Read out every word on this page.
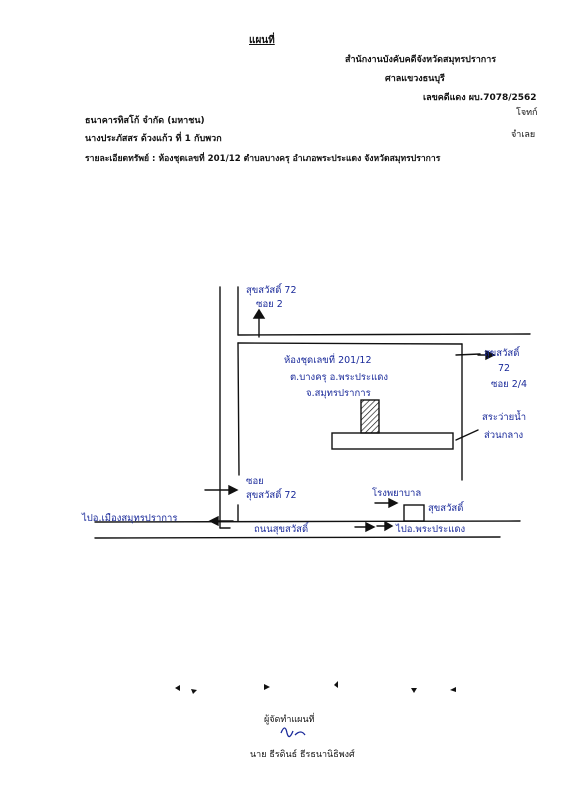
แผนที่
สำนักงานบังคับคดีจังหวัดสมุทรปราการ
ศาลแขวงธนบุรี
เลขคดีแดง ผบ.7078/2562
ธนาคารทิสโก้ จำกัด (มหาชน)
โจทก์
นางประภัสสร ด้วงแก้ว ที่ 1 กับพวก	จำเลย
รายละเอียดทรัพย์ : ห้องชุดเลขที่ 201/12 ตำบลบางครุ อำเภอพระประแดง จังหวัดสมุทรปราการ
สุขสวัสดิ์ 72
ซอย 2
ห้องชุดเลขที่ 201/12
ต.บางครุ อ.พระประแดง
จ.สมุทรปราการ
สุขสวัสดิ์
72
ซอย 2/4
สระว่ายน้ำ
ส่วนกลาง
ซอย
สุขสวัสดิ์ 72	โรงพยาบาล
สุขสวัสดิ์
ไปอ.เมืองสมุทรปราการ
ถนนสุขสวัสดิ์	ไปอ.พระประแดง
ผู้จัดทำแผนที่
นาย ธีรดินธ์ ธีรธนานิธิพงศ์
